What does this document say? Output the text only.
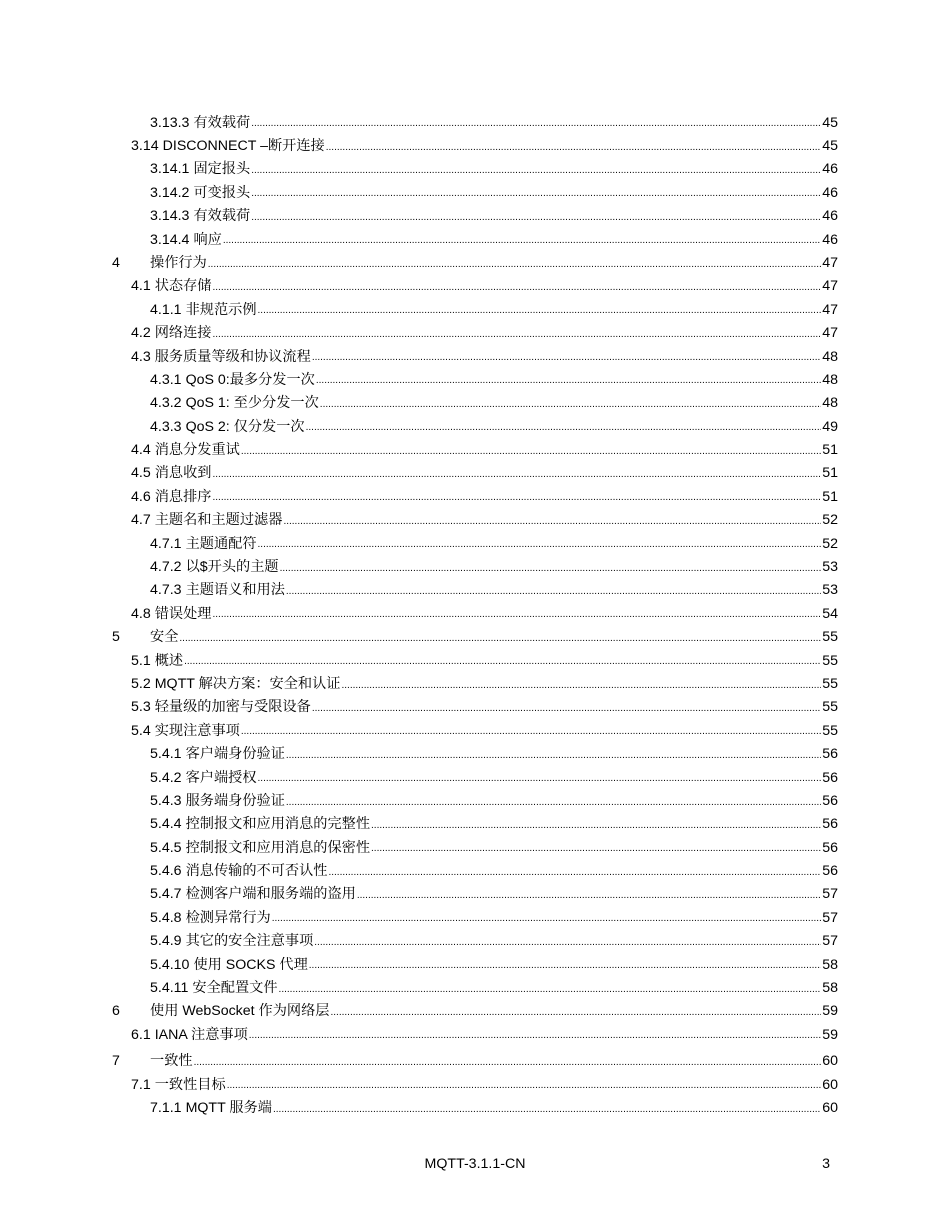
3.13.3 有效载荷 .....	45
3.14 DISCONNECT –断开连接 .....	45
3.14.1 固定报头 .....	46
3.14.2 可变报头 .....	46
3.14.3 有效载荷 .....	46
3.14.4 响应 .....	46
4	操作行为 .....	47
4.1 状态存储 .....	47
4.1.1 非规范示例 .....	47
4.2 网络连接 .....	47
4.3 服务质量等级和协议流程 .....	48
4.3.1 QoS 0:最多分发一次 .....	48
4.3.2 QoS 1: 至少分发一次 .....	48
4.3.3 QoS 2: 仅分发一次 .....	49
4.4 消息分发重试 .....	51
4.5 消息收到 .....	51
4.6 消息排序 .....	51
4.7 主题名和主题过滤器 .....	52
4.7.1 主题通配符 .....	52
4.7.2 以$开头的主题 .....	53
4.7.3 主题语义和用法 .....	53
4.8 错误处理 .....	54
5	安全 .....	55
5.1 概述 .....	55
5.2 MQTT 解决方案：安全和认证 .....	55
5.3 轻量级的加密与受限设备 .....	55
5.4 实现注意事项 .....	55
5.4.1 客户端身份验证 .....	56
5.4.2 客户端授权 .....	56
5.4.3 服务端身份验证 .....	56
5.4.4 控制报文和应用消息的完整性 .....	56
5.4.5 控制报文和应用消息的保密性 .....	56
5.4.6 消息传输的不可否认性 .....	56
5.4.7 检测客户端和服务端的盗用 .....	57
5.4.8 检测异常行为 .....	57
5.4.9 其它的安全注意事项 .....	57
5.4.10 使用 SOCKS 代理 .....	58
5.4.11 安全配置文件 .....	58
6	使用 WebSocket 作为网络层 .....	59
6.1 IANA 注意事项 .....	59
7	一致性 .....	60
7.1 一致性目标 .....	60
7.1.1 MQTT 服务端 .....	60
MQTT-3.1.1-CN	3
